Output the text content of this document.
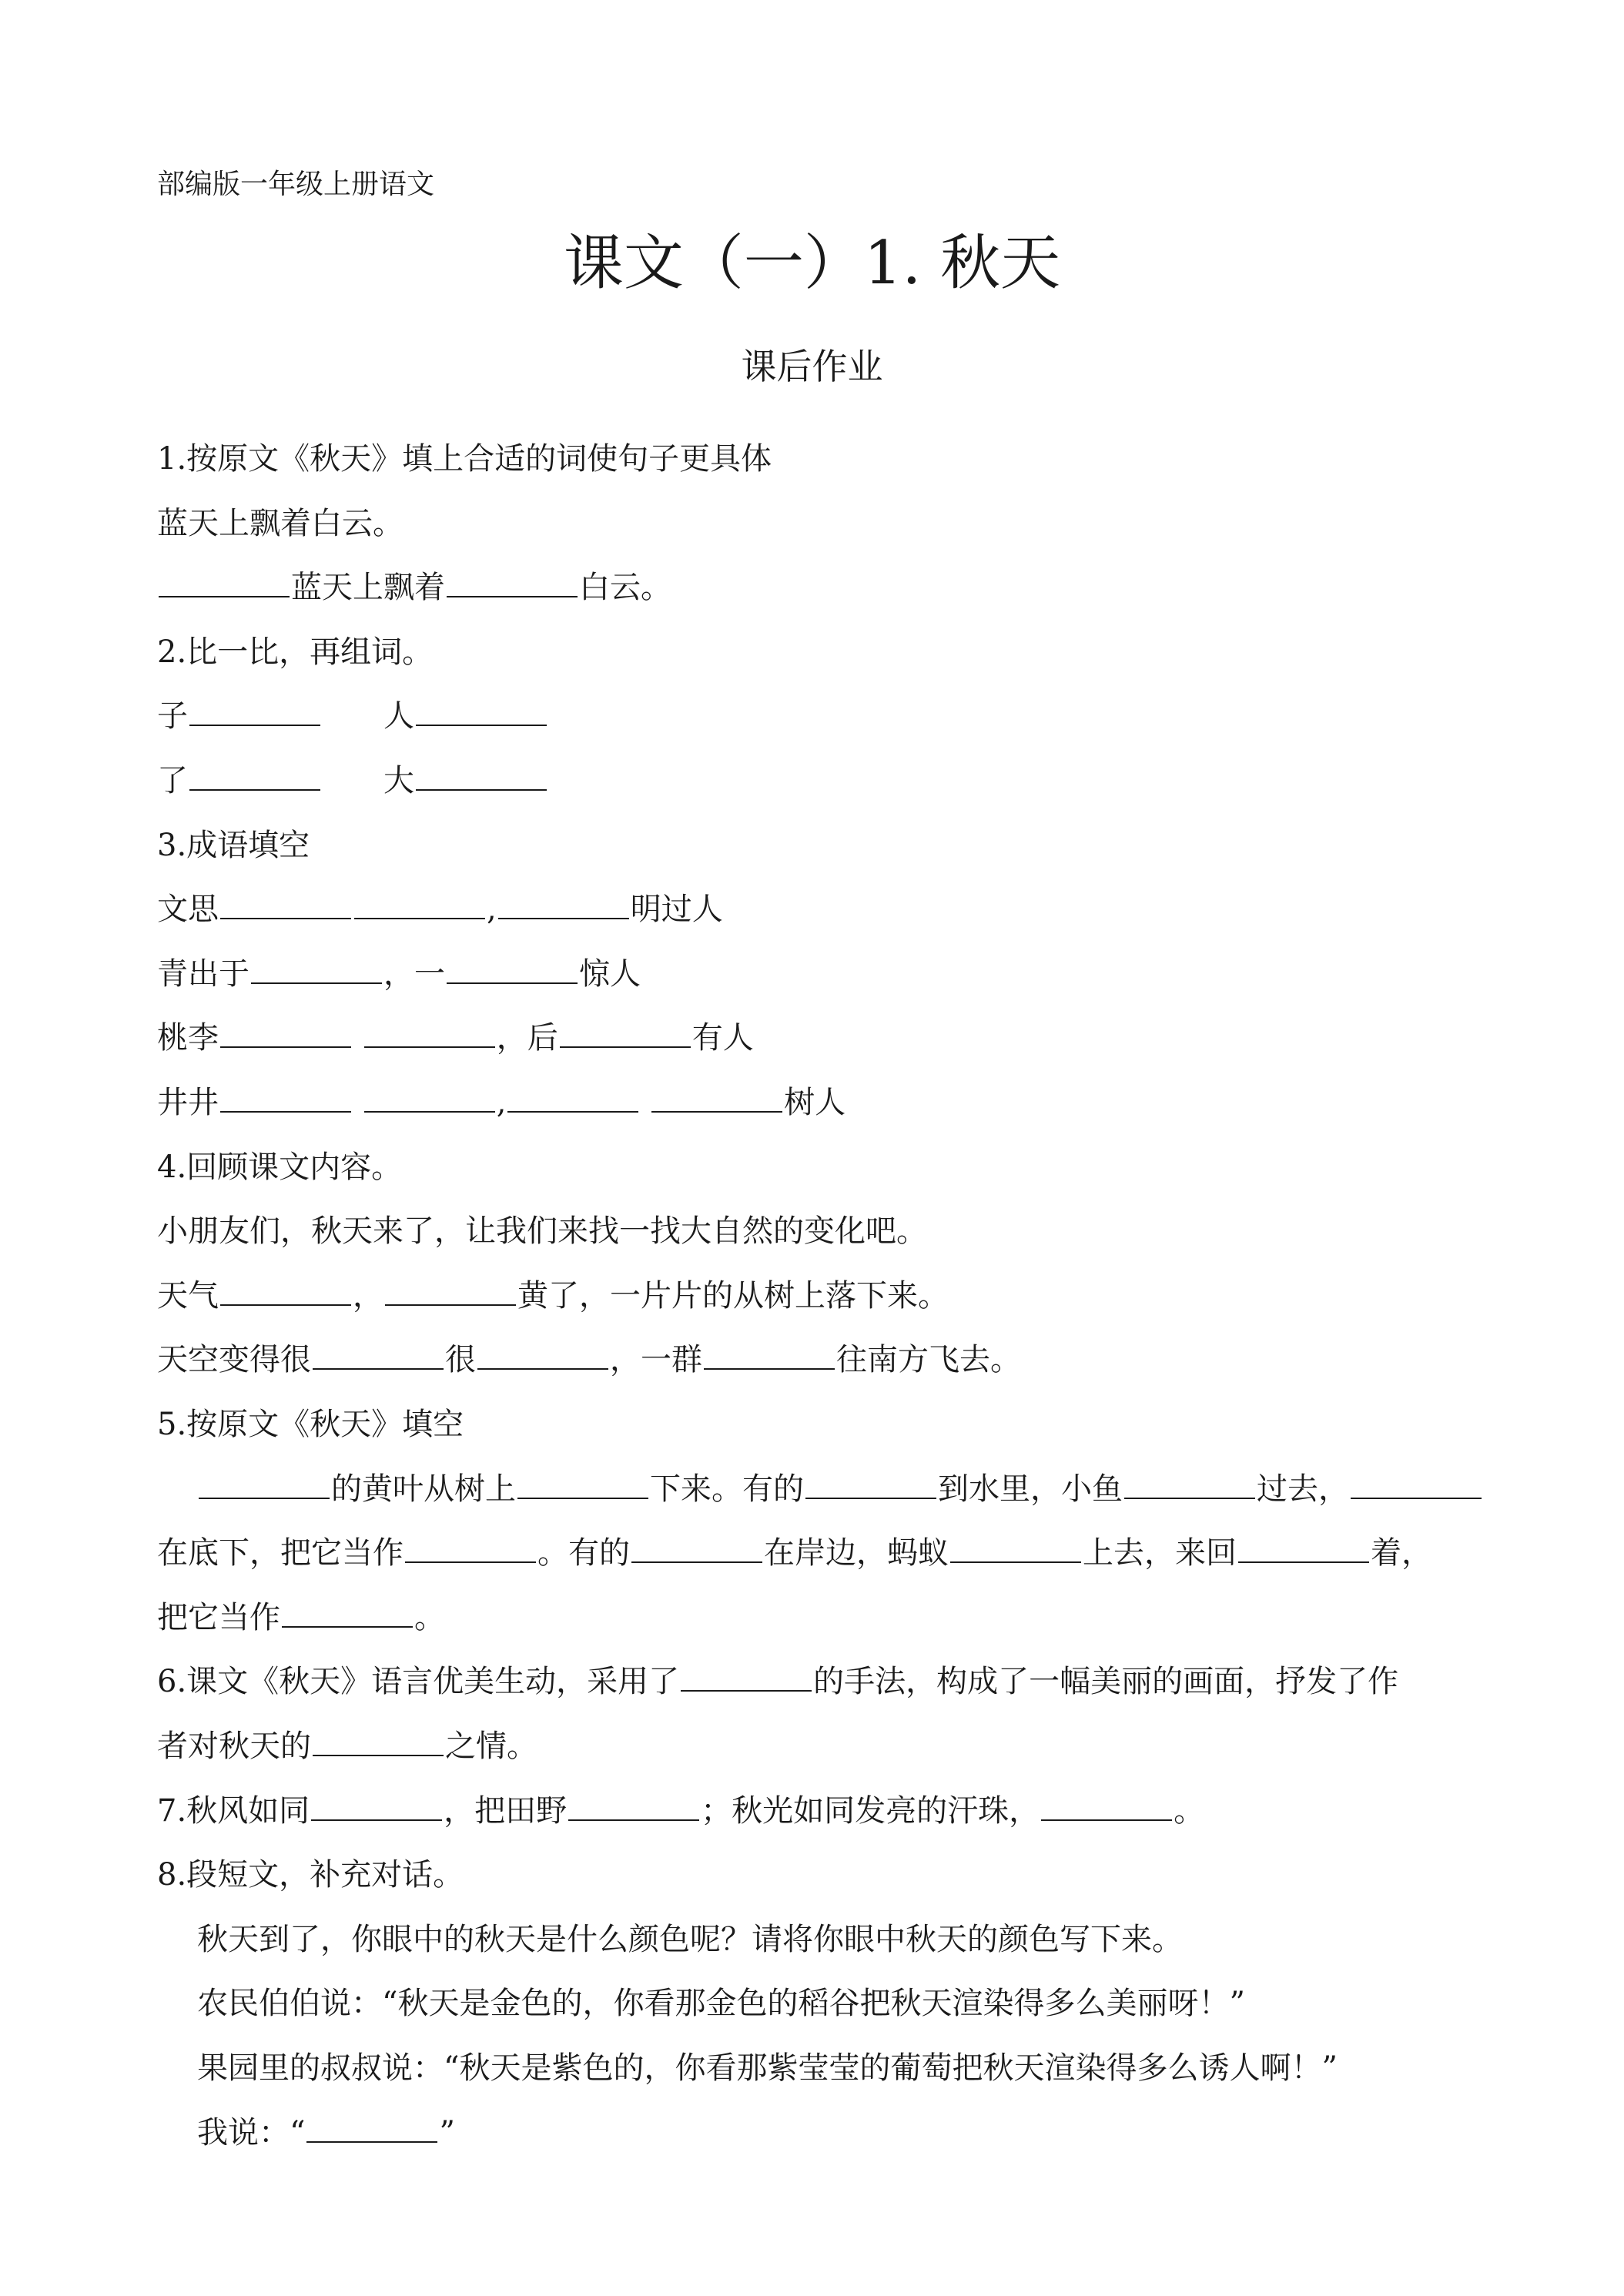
部编版一年级上册语文
课文（一）1. 秋天
课后作业
1.按原文《秋天》填上合适的词使句子更具体
蓝天上飘着白云。
蓝天上飘着	白云。
2.比一比，再组词。
子	　　人
了	　　大
3.成语填空
文思	,	明过人
青出于	，一	惊人
桃李	，后	有人
井井	,	树人
4.回顾课文内容。
小朋友们，秋天来了，让我们来找一找大自然的变化吧。
天气	，	黄了，一片片的从树上落下来。
天空变得很	很	，一群	往南方飞去。
5.按原文《秋天》填空
的黄叶从树上	下来。有的	到水里，小鱼	过去，
在底下，把它当作	。有的	在岸边，蚂蚁	上去，来回	着，
把它当作	。
6.课文《秋天》语言优美生动，采用了	的手法，构成了一幅美丽的画面，抒发了作
者对秋天的	之情。
7.秋风如同	，把田野	；秋光如同发亮的汗珠，	。
8.段短文，补充对话。
秋天到了，你眼中的秋天是什么颜色呢？请将你眼中秋天的颜色写下来。
农民伯伯说：“秋天是金色的，你看那金色的稻谷把秋天渲染得多么美丽呀！”
果园里的叔叔说：“秋天是紫色的，你看那紫莹莹的葡萄把秋天渲染得多么诱人啊！”
我说：“	”
